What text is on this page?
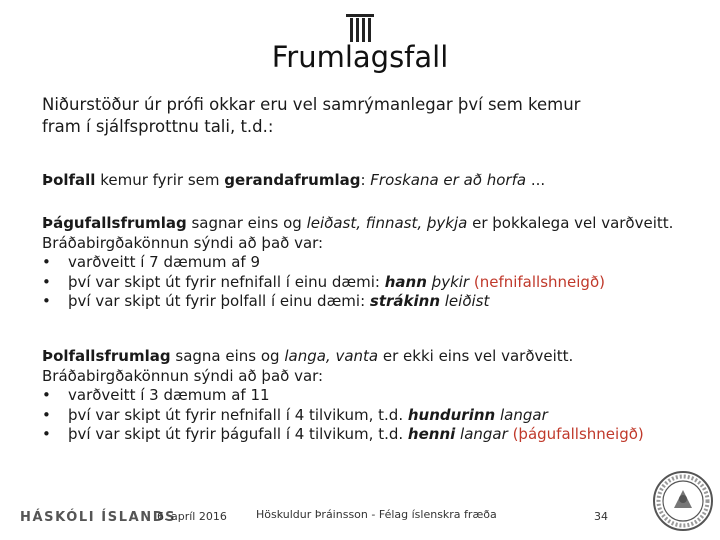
Frumlagsfall
Niðurstöður úr prófi okkar eru vel samrýmanlegar því sem kemur
fram í sjálfsprottnu tali, t.d.:
Þolfall kemur fyrir sem gerandafrumlag: Froskana er að horfa ...
Þágufallsfrumlag sagnar eins og leiðast, finnast, þykja er þokkalega vel varðveitt.
Bráðabirgðakönnun sýndi að það var:
• varðveitt í 7 dæmum af 9
• því var skipt út fyrir nefnifall í einu dæmi: hann þykir (nefnifallshneigð)
• því var skipt út fyrir þolfall í einu dæmi: strákinn leiðist
Þolfallsfrumlag sagna eins og langa, vanta er ekki eins vel varðveitt.
Bráðabirgðakönnun sýndi að það var:
• varðveitt í 3 dæmum af 11
• því var skipt út fyrir nefnifall í 4 tilvikum, t.d. hundurinn langar
• því var skipt út fyrir þágufall í 4 tilvikum, t.d. henni langar (þágufallshneigð)
HÁSKÓLI ÍSLANDS
6. apríl 2016	Höskuldur Þráinsson - Félag íslenskra fræða	34
